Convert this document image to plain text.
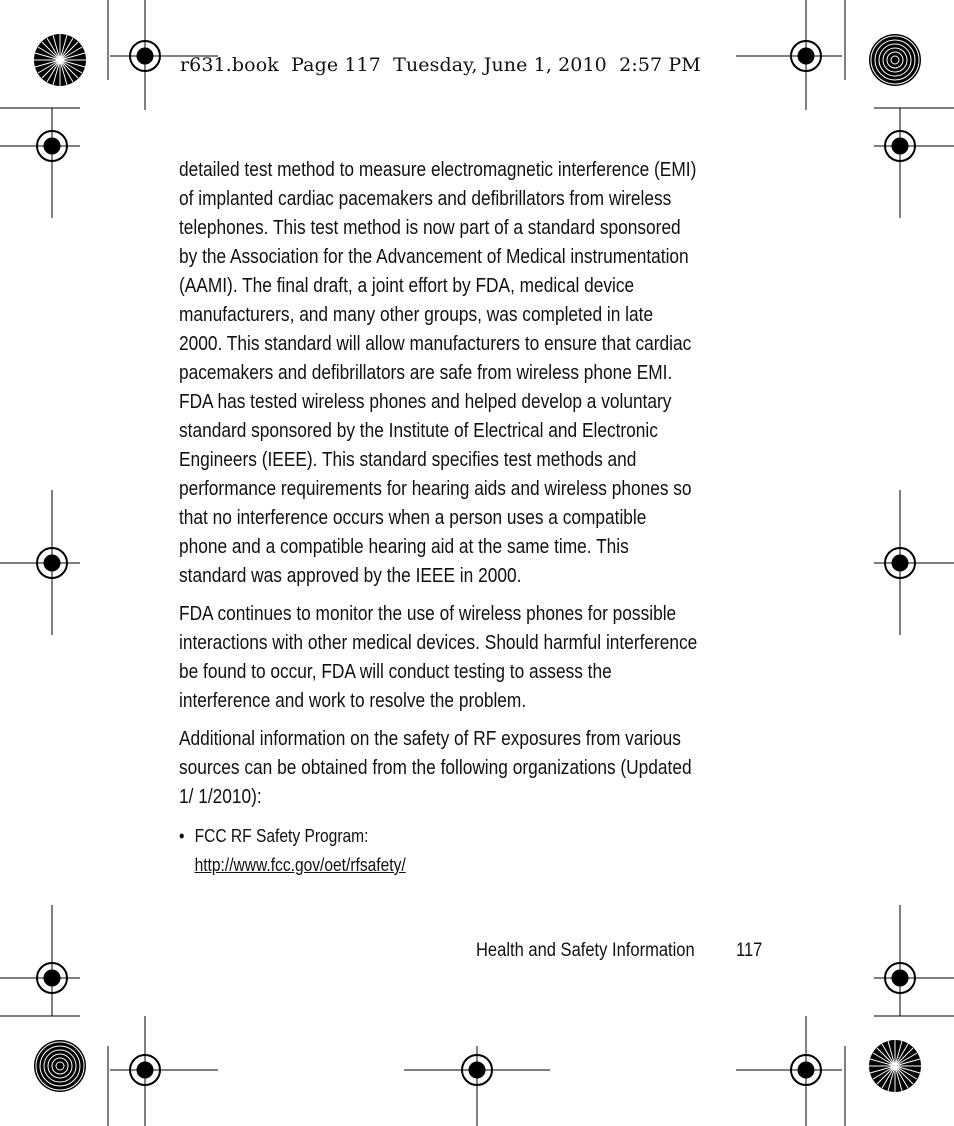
r631.book  Page 117  Tuesday, June 1, 2010  2:57 PM

detailed test method to measure electromagnetic interference (EMI) of implanted cardiac pacemakers and defibrillators from wireless telephones. This test method is now part of a standard sponsored by the Association for the Advancement of Medical instrumentation (AAMI). The final draft, a joint effort by FDA, medical device manufacturers, and many other groups, was completed in late 2000. This standard will allow manufacturers to ensure that cardiac pacemakers and defibrillators are safe from wireless phone EMI. FDA has tested wireless phones and helped develop a voluntary standard sponsored by the Institute of Electrical and Electronic Engineers (IEEE). This standard specifies test methods and performance requirements for hearing aids and wireless phones so that no interference occurs when a person uses a compatible phone and a compatible hearing aid at the same time. This standard was approved by the IEEE in 2000.

FDA continues to monitor the use of wireless phones for possible interactions with other medical devices. Should harmful interference be found to occur, FDA will conduct testing to assess the interference and work to resolve the problem.

Additional information on the safety of RF exposures from various sources can be obtained from the following organizations (Updated 1/ 1/2010):

• FCC RF Safety Program:
http://www.fcc.gov/oet/rfsafety/
Health and Safety Information 117
